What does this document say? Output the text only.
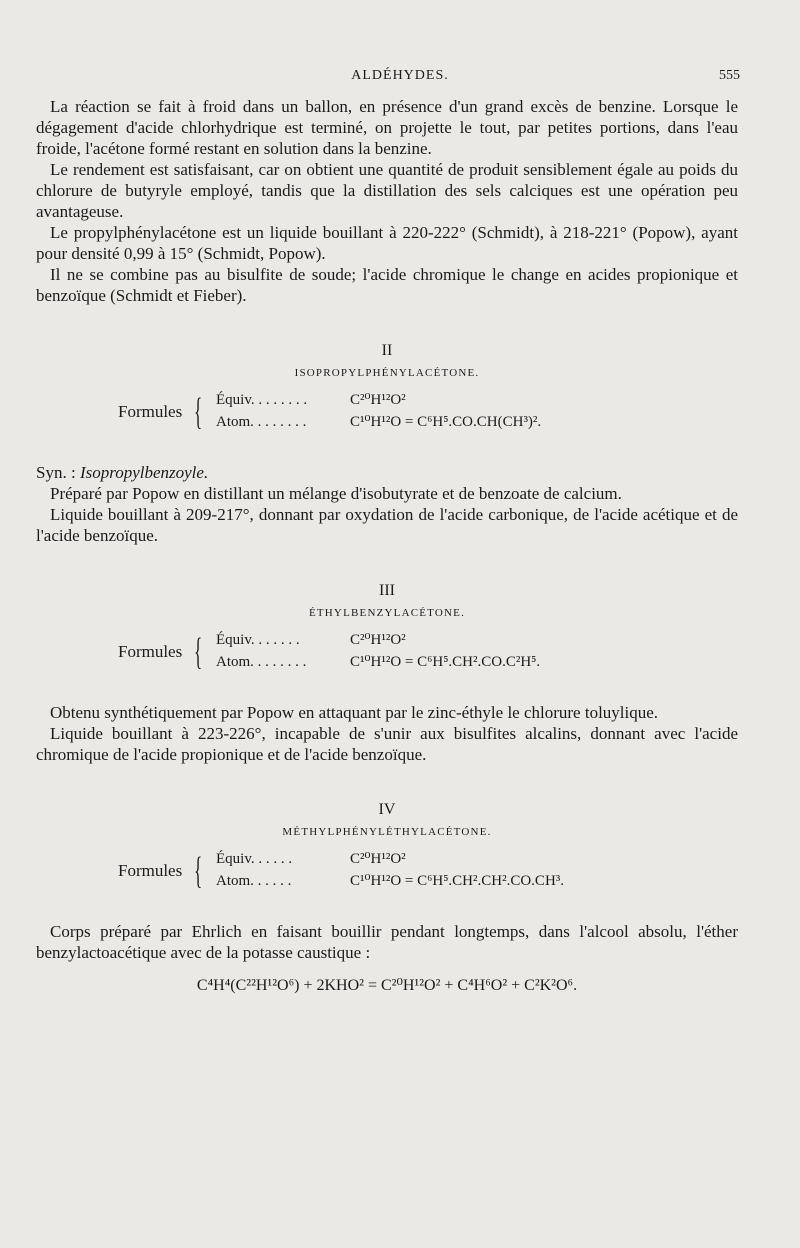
ALDÉHYDES.	555

La réaction se fait à froid dans un ballon, en présence d'un grand excès de benzine. Lorsque le dégagement d'acide chlorhydrique est terminé, on projette le tout, par petites portions, dans l'eau froide, l'acétone formé restant en solution dans la benzine.

Le rendement est satisfaisant, car on obtient une quantité de produit sensiblement égale au poids du chlorure de butyryle employé, tandis que la distillation des sels calciques est une opération peu avantageuse.

Le propylphénylacétone est un liquide bouillant à 220-222° (Schmidt), à 218-221° (Popow), ayant pour densité 0,99 à 15° (Schmidt, Popow).

Il ne se combine pas au bisulfite de soude; l'acide chromique le change en acides propionique et benzoïque (Schmidt et Fieber).

II
ISOPROPYLPHÉNYLACÉTONE.
Formules { Équiv. . . . . . . .	C²⁰H¹²O²
Atom. . . . . . . .	C¹⁰H¹²O = C⁶H⁵.CO.CH(CH³)².

Syn. : Isopropylbenzoyle.

Préparé par Popow en distillant un mélange d'isobutyrate et de benzoate de calcium.

Liquide bouillant à 209-217°, donnant par oxydation de l'acide carbonique, de l'acide acétique et de l'acide benzoïque.

III
ÉTHYLBENZYLACÉTONE.
Formules { Équiv. . . . . . .	C²⁰H¹²O²
Atom. . . . . . . .	C¹⁰H¹²O = C⁶H⁵.CH².CO.C²H⁵.

Obtenu synthétiquement par Popow en attaquant par le zinc-éthyle le chlorure toluylique.

Liquide bouillant à 223-226°, incapable de s'unir aux bisulfites alcalins, donnant avec l'acide chromique de l'acide propionique et de l'acide benzoïque.

IV
MÉTHYLPHÉNYLÉTHYLACÉTONE.
Formules { Équiv. . . . . .	C²⁰H¹²O²
Atom. . . . . .	C¹⁰H¹²O = C⁶H⁵.CH².CH².CO.CH³.

Corps préparé par Ehrlich en faisant bouillir pendant longtemps, dans l'alcool absolu, l'éther benzylactoacétique avec de la potasse caustique :

C⁴H⁴(C²²H¹²O⁶) + 2KHO² = C²⁰H¹²O² + C⁴H⁶O² + C²K²O⁶.
